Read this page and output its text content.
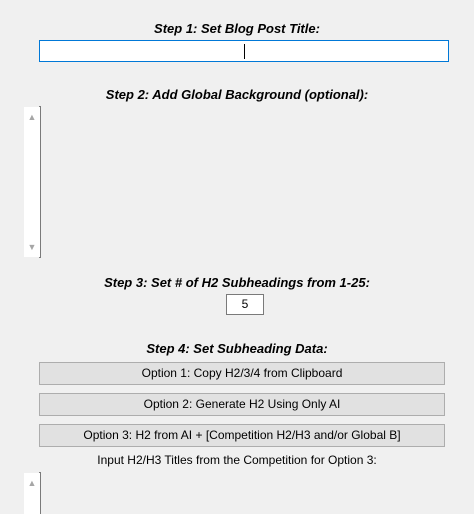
Step 1: Set Blog Post Title:
Step 2: Add Global Background (optional):
▲
▼
Step 3: Set # of H2 Subheadings from 1-25:
5
Step 4: Set Subheading Data:
Option 1: Copy H2/3/4 from Clipboard
Option 2: Generate H2 Using Only AI
Option 3: H2 from AI + [Competition H2/H3 and/or Global B]
Input H2/H3 Titles from the Competition for Option 3:
▲
